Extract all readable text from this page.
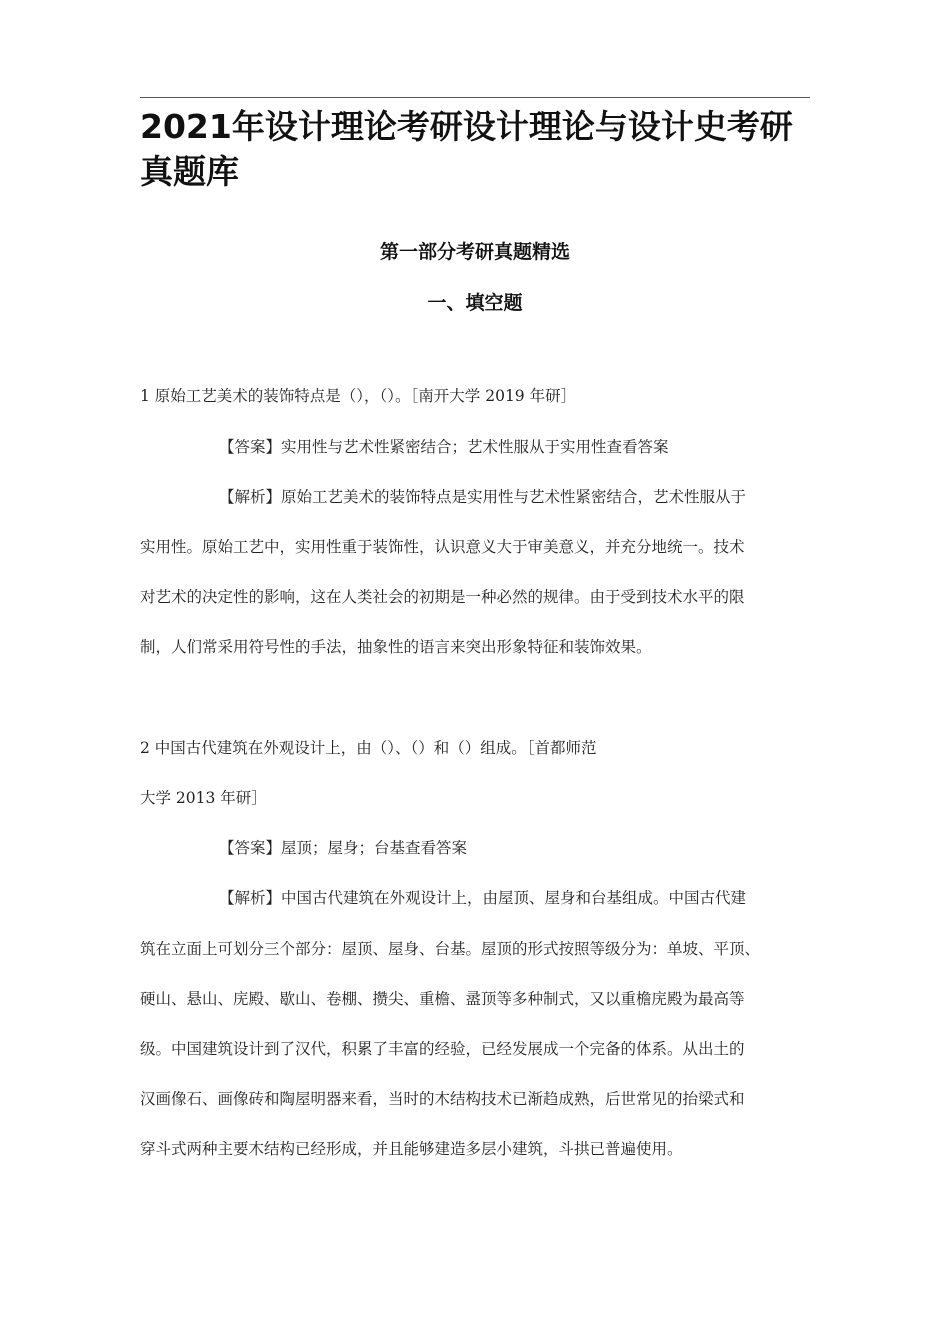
2021年设计理论考研设计理论与设计史考研真题库
第一部分考研真题精选
一、填空题

1 原始工艺美术的装饰特点是（），（）。［南开大学 2019 年研］

【答案】实用性与艺术性紧密结合；艺术性服从于实用性查看答案

【解析】原始工艺美术的装饰特点是实用性与艺术性紧密结合，艺术性服从于

实用性。原始工艺中，实用性重于装饰性，认识意义大于审美意义，并充分地统一。技术

对艺术的决定性的影响，这在人类社会的初期是一种必然的规律。由于受到技术水平的限

制，人们常采用符号性的手法，抽象性的语言来突出形象特征和装饰效果。

2 中国古代建筑在外观设计上，由（）、（）和（）组成。［首都师范

大学 2013 年研］

【答案】屋顶；屋身；台基查看答案

【解析】中国古代建筑在外观设计上，由屋顶、屋身和台基组成。中国古代建

筑在立面上可划分三个部分：屋顶、屋身、台基。屋顶的形式按照等级分为：单坡、平顶、

硬山、悬山、庑殿、歇山、卷棚、攒尖、重檐、盝顶等多种制式，又以重檐庑殿为最高等

级。中国建筑设计到了汉代，积累了丰富的经验，已经发展成一个完备的体系。从出土的

汉画像石、画像砖和陶屋明器来看，当时的木结构技术已渐趋成熟，后世常见的抬梁式和

穿斗式两种主要木结构已经形成，并且能够建造多层小建筑，斗拱已普遍使用。
